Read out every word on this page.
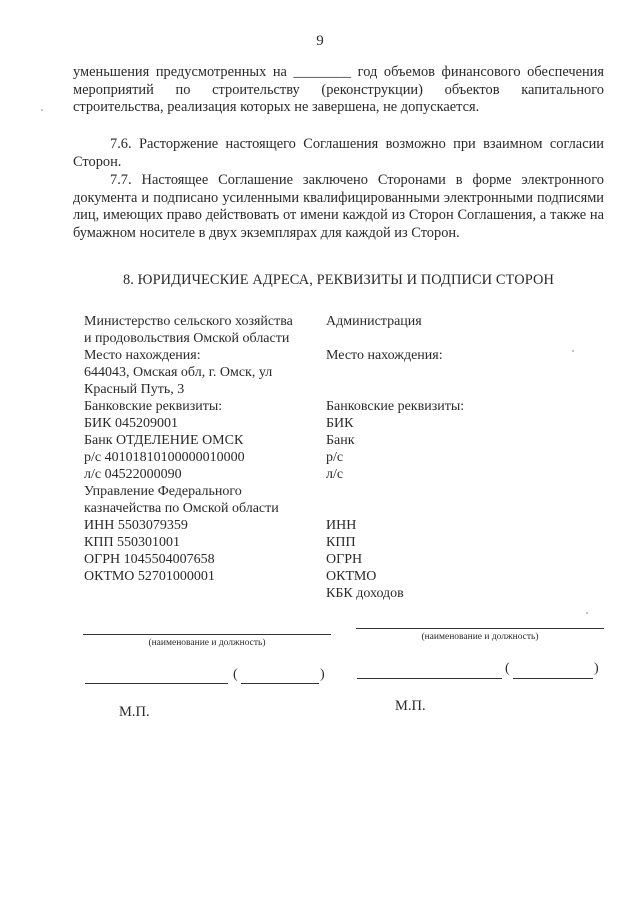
9
уменьшения предусмотренных на ________ год объемов финансового обеспечения мероприятий по строительству (реконструкции) объектов капитального строительства, реализация которых не завершена, не допускается.
7.6. Расторжение настоящего Соглашения возможно при взаимном согласии Сторон.
7.7. Настоящее Соглашение заключено Сторонами в форме электронного документа и подписано усиленными квалифицированными электронными подписями лиц, имеющих право действовать от имени каждой из Сторон Соглашения, а также на бумажном носителе в двух экземплярах для каждой из Сторон.
8. ЮРИДИЧЕСКИЕ АДРЕСА, РЕКВИЗИТЫ И ПОДПИСИ СТОРОН
Министерство сельского хозяйства
и продовольствия Омской области
Место нахождения:
644043, Омская обл, г. Омск, ул
Красный Путь, 3
Банковские реквизиты:
БИК 045209001
Банк ОТДЕЛЕНИЕ ОМСК
р/с 40101810100000010000
л/с 04522000090
Управление Федерального
казначейства по Омской области
ИНН 5503079359
КПП 550301001
ОГРН 1045504007658
ОКТМО 52701000001
Администрация
Место нахождения:
Банковские реквизиты:
БИК
Банк
р/с
л/с
ИНН
КПП
ОГРН
ОКТМО
КБК доходов
(наименование и должность)
(	)
М.П.
(наименование и должность)
(	)
М.П.
